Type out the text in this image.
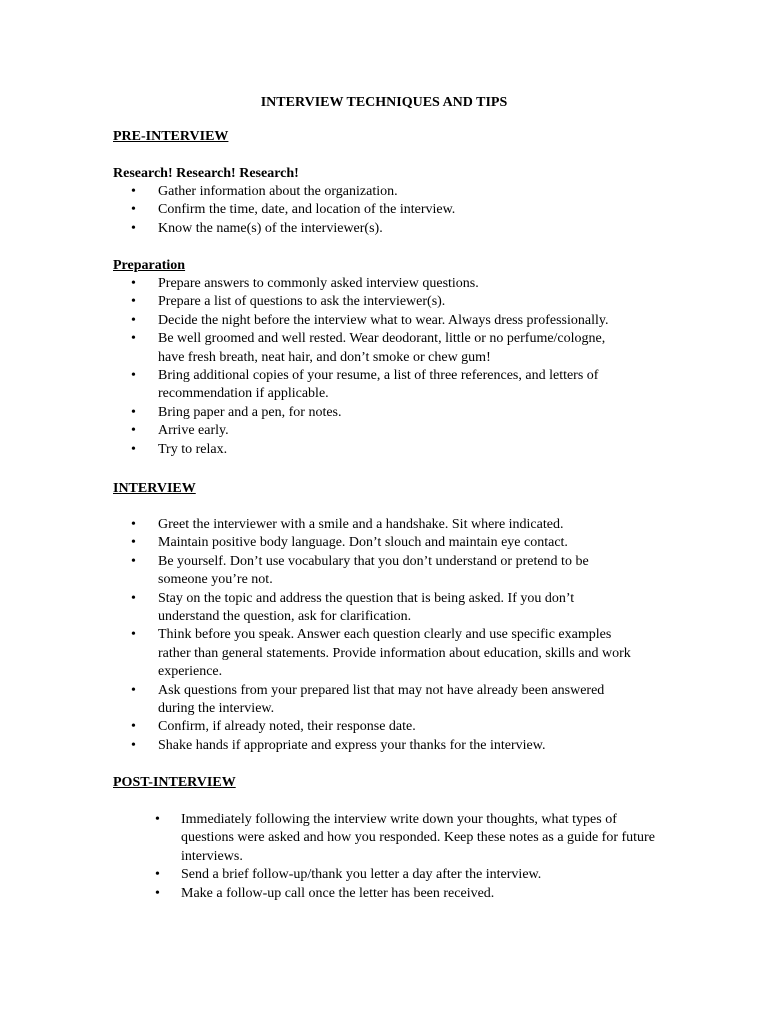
INTERVIEW TECHNIQUES AND TIPS

PRE-INTERVIEW

Research! Research! Research!

• Gather information about the organization.
• Confirm the time, date, and location of the interview.
• Know the name(s) of the interviewer(s).

Preparation

• Prepare answers to commonly asked interview questions.
• Prepare a list of questions to ask the interviewer(s).
• Decide the night before the interview what to wear. Always dress professionally.
• Be well groomed and well rested. Wear deodorant, little or no perfume/cologne, have fresh breath, neat hair, and don’t smoke or chew gum!
• Bring additional copies of your resume, a list of three references, and letters of recommendation if applicable.
• Bring paper and a pen, for notes.
• Arrive early.
• Try to relax.

INTERVIEW

• Greet the interviewer with a smile and a handshake. Sit where indicated.
• Maintain positive body language. Don’t slouch and maintain eye contact.
• Be yourself. Don’t use vocabulary that you don’t understand or pretend to be someone you’re not.
• Stay on the topic and address the question that is being asked. If you don’t understand the question, ask for clarification.
• Think before you speak. Answer each question clearly and use specific examples rather than general statements. Provide information about education, skills and work experience.
• Ask questions from your prepared list that may not have already been answered during the interview.
• Confirm, if already noted, their response date.
• Shake hands if appropriate and express your thanks for the interview.

POST-INTERVIEW

• Immediately following the interview write down your thoughts, what types of questions were asked and how you responded. Keep these notes as a guide for future interviews.
• Send a brief follow-up/thank you letter a day after the interview.
• Make a follow-up call once the letter has been received.
